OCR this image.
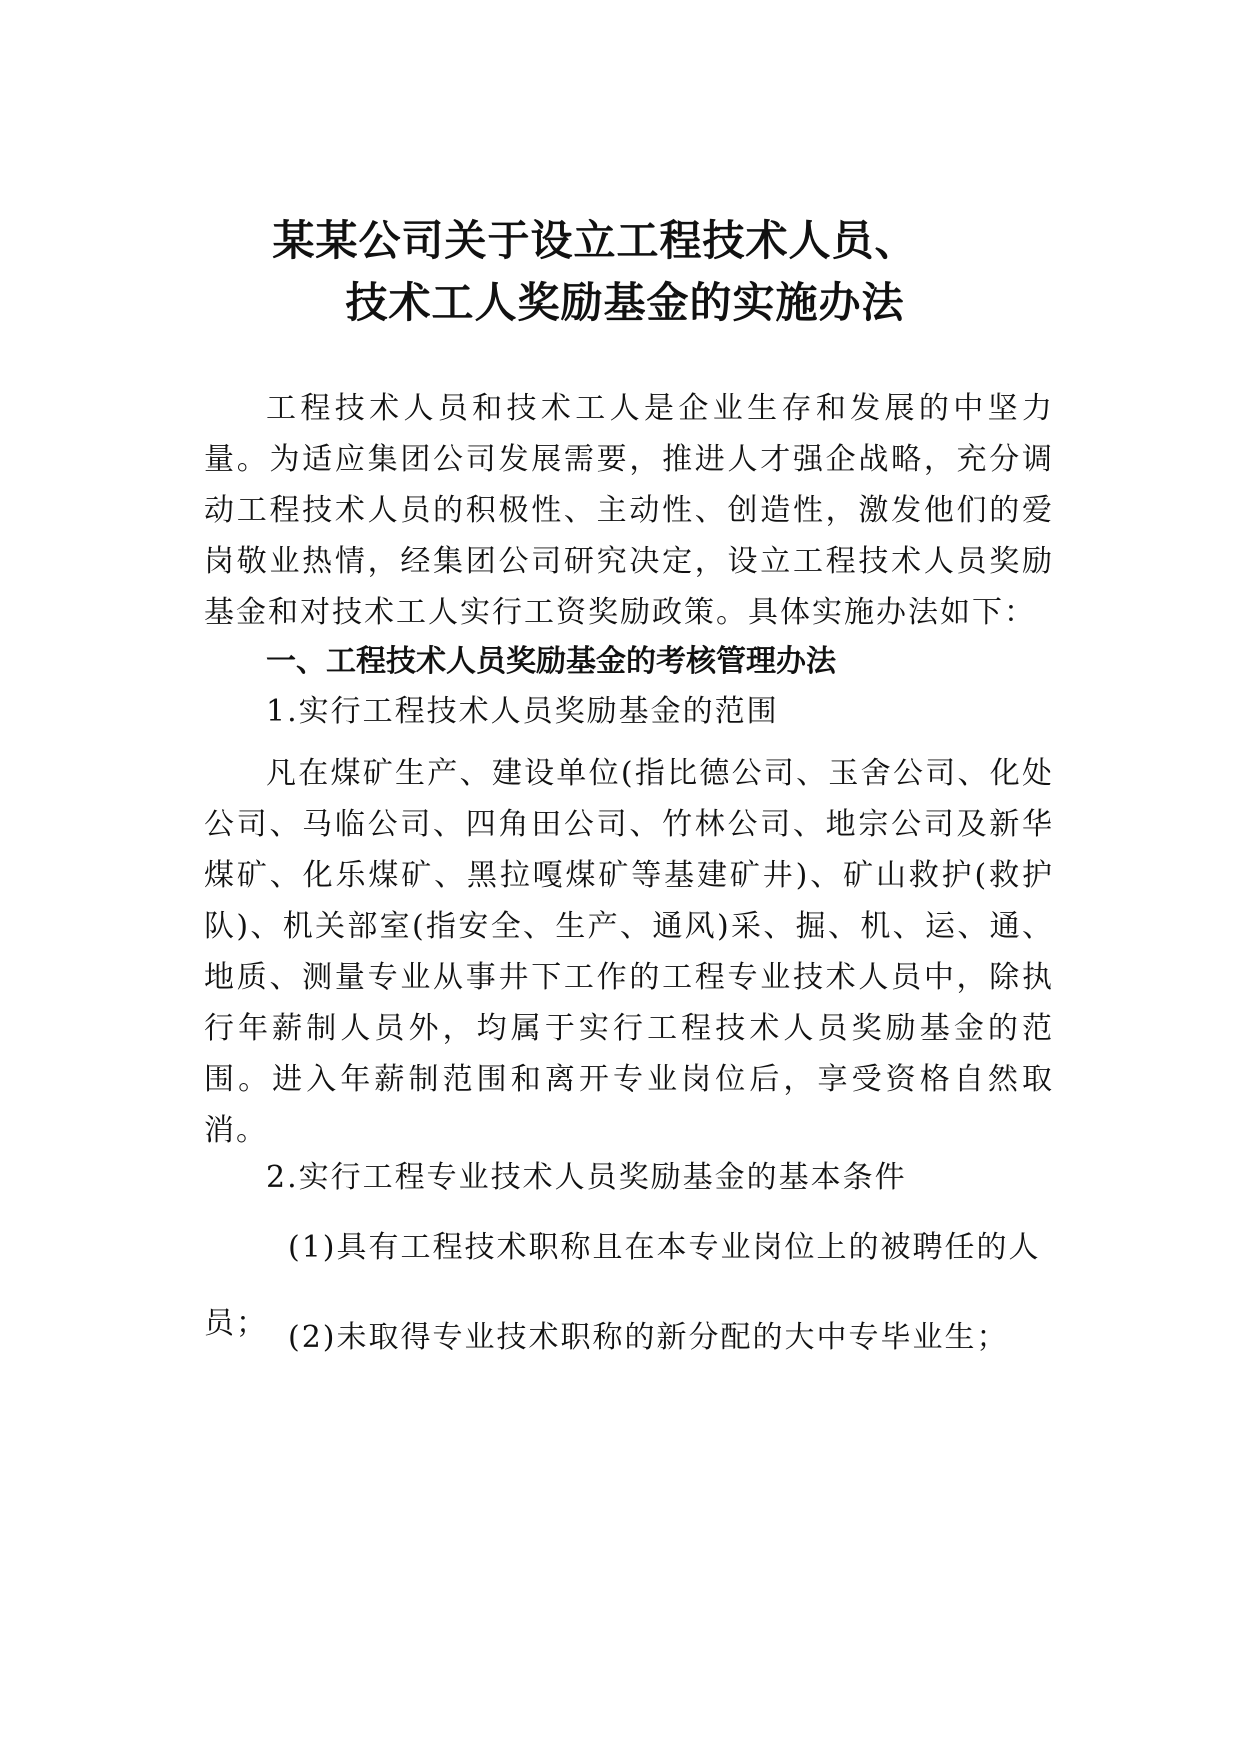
某某公司关于设立工程技术人员、
技术工人奖励基金的实施办法

工程技术人员和技术工人是企业生存和发展的中坚力量。为适应集团公司发展需要，推进人才强企战略，充分调动工程技术人员的积极性、主动性、创造性，激发他们的爱岗敬业热情，经集团公司研究决定，设立工程技术人员奖励基金和对技术工人实行工资奖励政策。具体实施办法如下：

一、工程技术人员奖励基金的考核管理办法
1.实行工程技术人员奖励基金的范围

凡在煤矿生产、建设单位(指比德公司、玉舍公司、化处公司、马临公司、四角田公司、竹林公司、地宗公司及新华煤矿、化乐煤矿、黑拉嘎煤矿等基建矿井)、矿山救护(救护队)、机关部室(指安全、生产、通风)采、掘、机、运、通、地质、测量专业从事井下工作的工程专业技术人员中，除执行年薪制人员外，均属于实行工程技术人员奖励基金的范围。进入年薪制范围和离开专业岗位后，享受资格自然取消。

2.实行工程专业技术人员奖励基金的基本条件

(1)具有工程技术职称且在本专业岗位上的被聘任的人员； (2)未取得专业技术职称的新分配的大中专毕业生；
